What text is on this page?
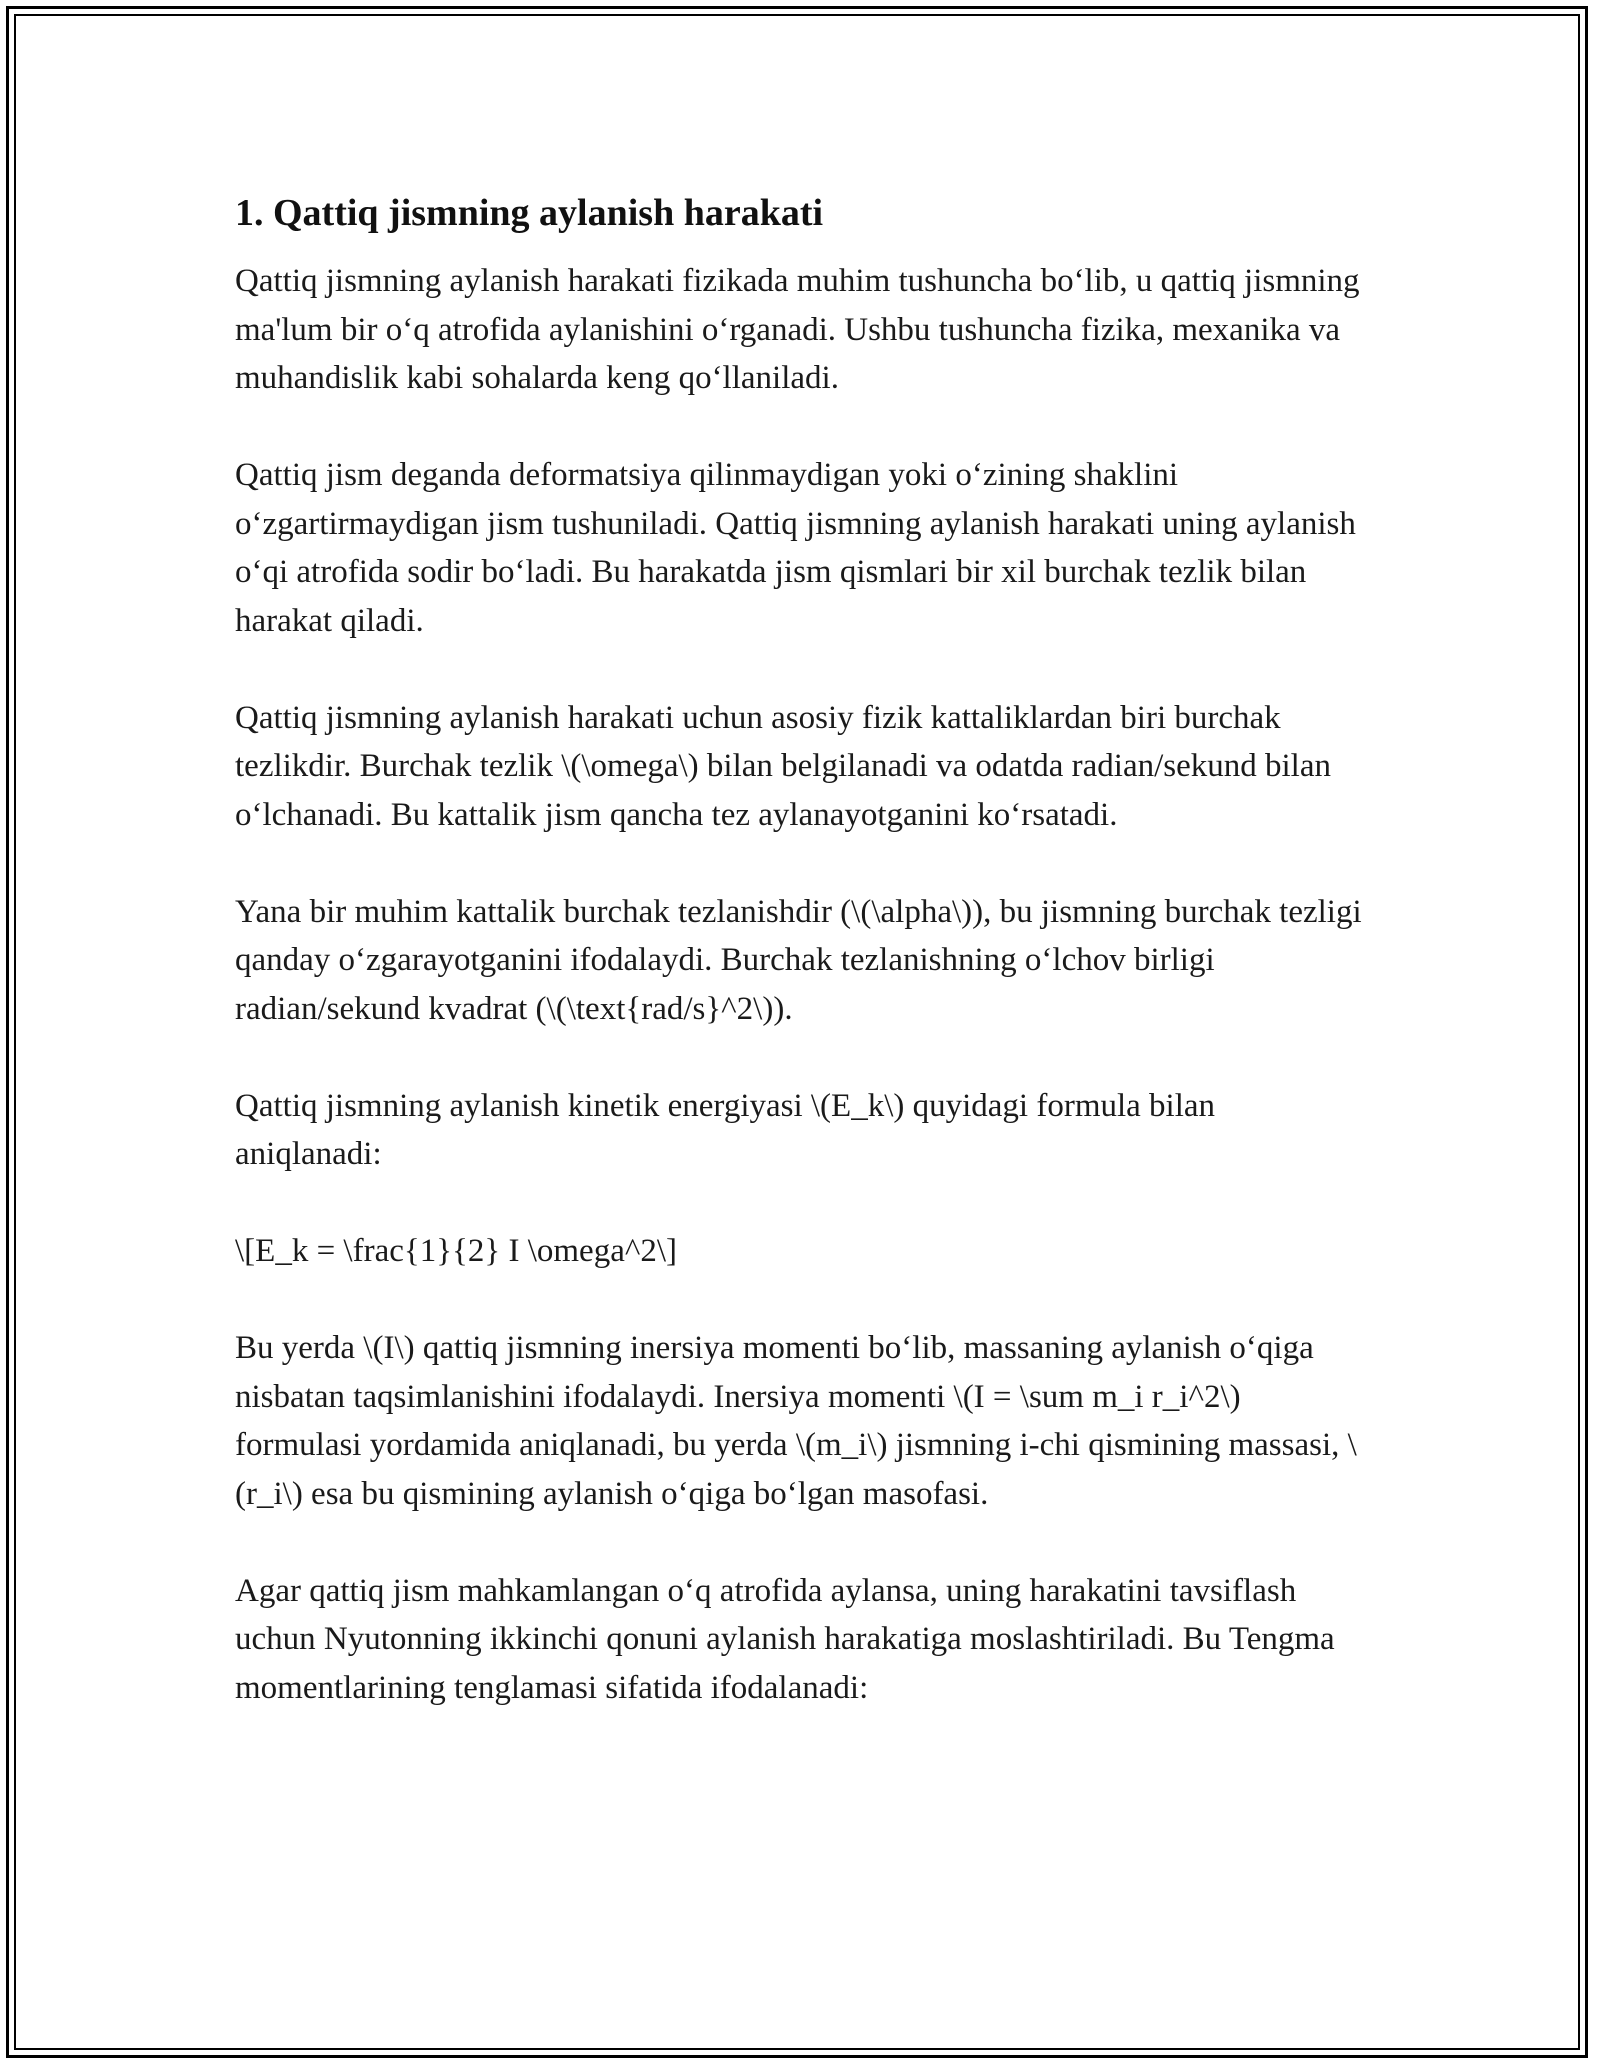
1. Qattiq jismning aylanish harakati

Qattiq jismning aylanish harakati fizikada muhim tushuncha bo‘lib, u qattiq jismning ma'lum bir o‘q atrofida aylanishini o‘rganadi. Ushbu tushuncha fizika, mexanika va muhandislik kabi sohalarda keng qo‘llaniladi.

Qattiq jism deganda deformatsiya qilinmaydigan yoki o‘zining shaklini o‘zgartirmaydigan jism tushuniladi. Qattiq jismning aylanish harakati uning aylanish o‘qi atrofida sodir bo‘ladi. Bu harakatda jism qismlari bir xil burchak tezlik bilan harakat qiladi.

Qattiq jismning aylanish harakati uchun asosiy fizik kattaliklardan biri burchak tezlikdir. Burchak tezlik \(\omega\) bilan belgilanadi va odatda radian/sekund bilan o‘lchanadi. Bu kattalik jism qancha tez aylanayotganini ko‘rsatadi.

Yana bir muhim kattalik burchak tezlanishdir (\(\alpha\)), bu jismning burchak tezligi qanday o‘zgarayotganini ifodalaydi. Burchak tezlanishning o‘lchov birligi radian/sekund kvadrat (\(\text{rad/s}^2\)).

Qattiq jismning aylanish kinetik energiyasi \(E_k\) quyidagi formula bilan aniqlanadi:

\[E_k = \frac{1}{2} I \omega^2\]

Bu yerda \(I\) qattiq jismning inersiya momenti bo‘lib, massaning aylanish o‘qiga nisbatan taqsimlanishini ifodalaydi. Inersiya momenti \(I = \sum m_i r_i^2\) formulasi yordamida aniqlanadi, bu yerda \(m_i\) jismning i-chi qismining massasi, \(r_i\) esa bu qismining aylanish o‘qiga bo‘lgan masofasi.

Agar qattiq jism mahkamlangan o‘q atrofida aylansa, uning harakatini tavsiflash uchun Nyutonning ikkinchi qonuni aylanish harakatiga moslashtiriladi. Bu Tengma momentlarining tenglamasi sifatida ifodalanadi:
